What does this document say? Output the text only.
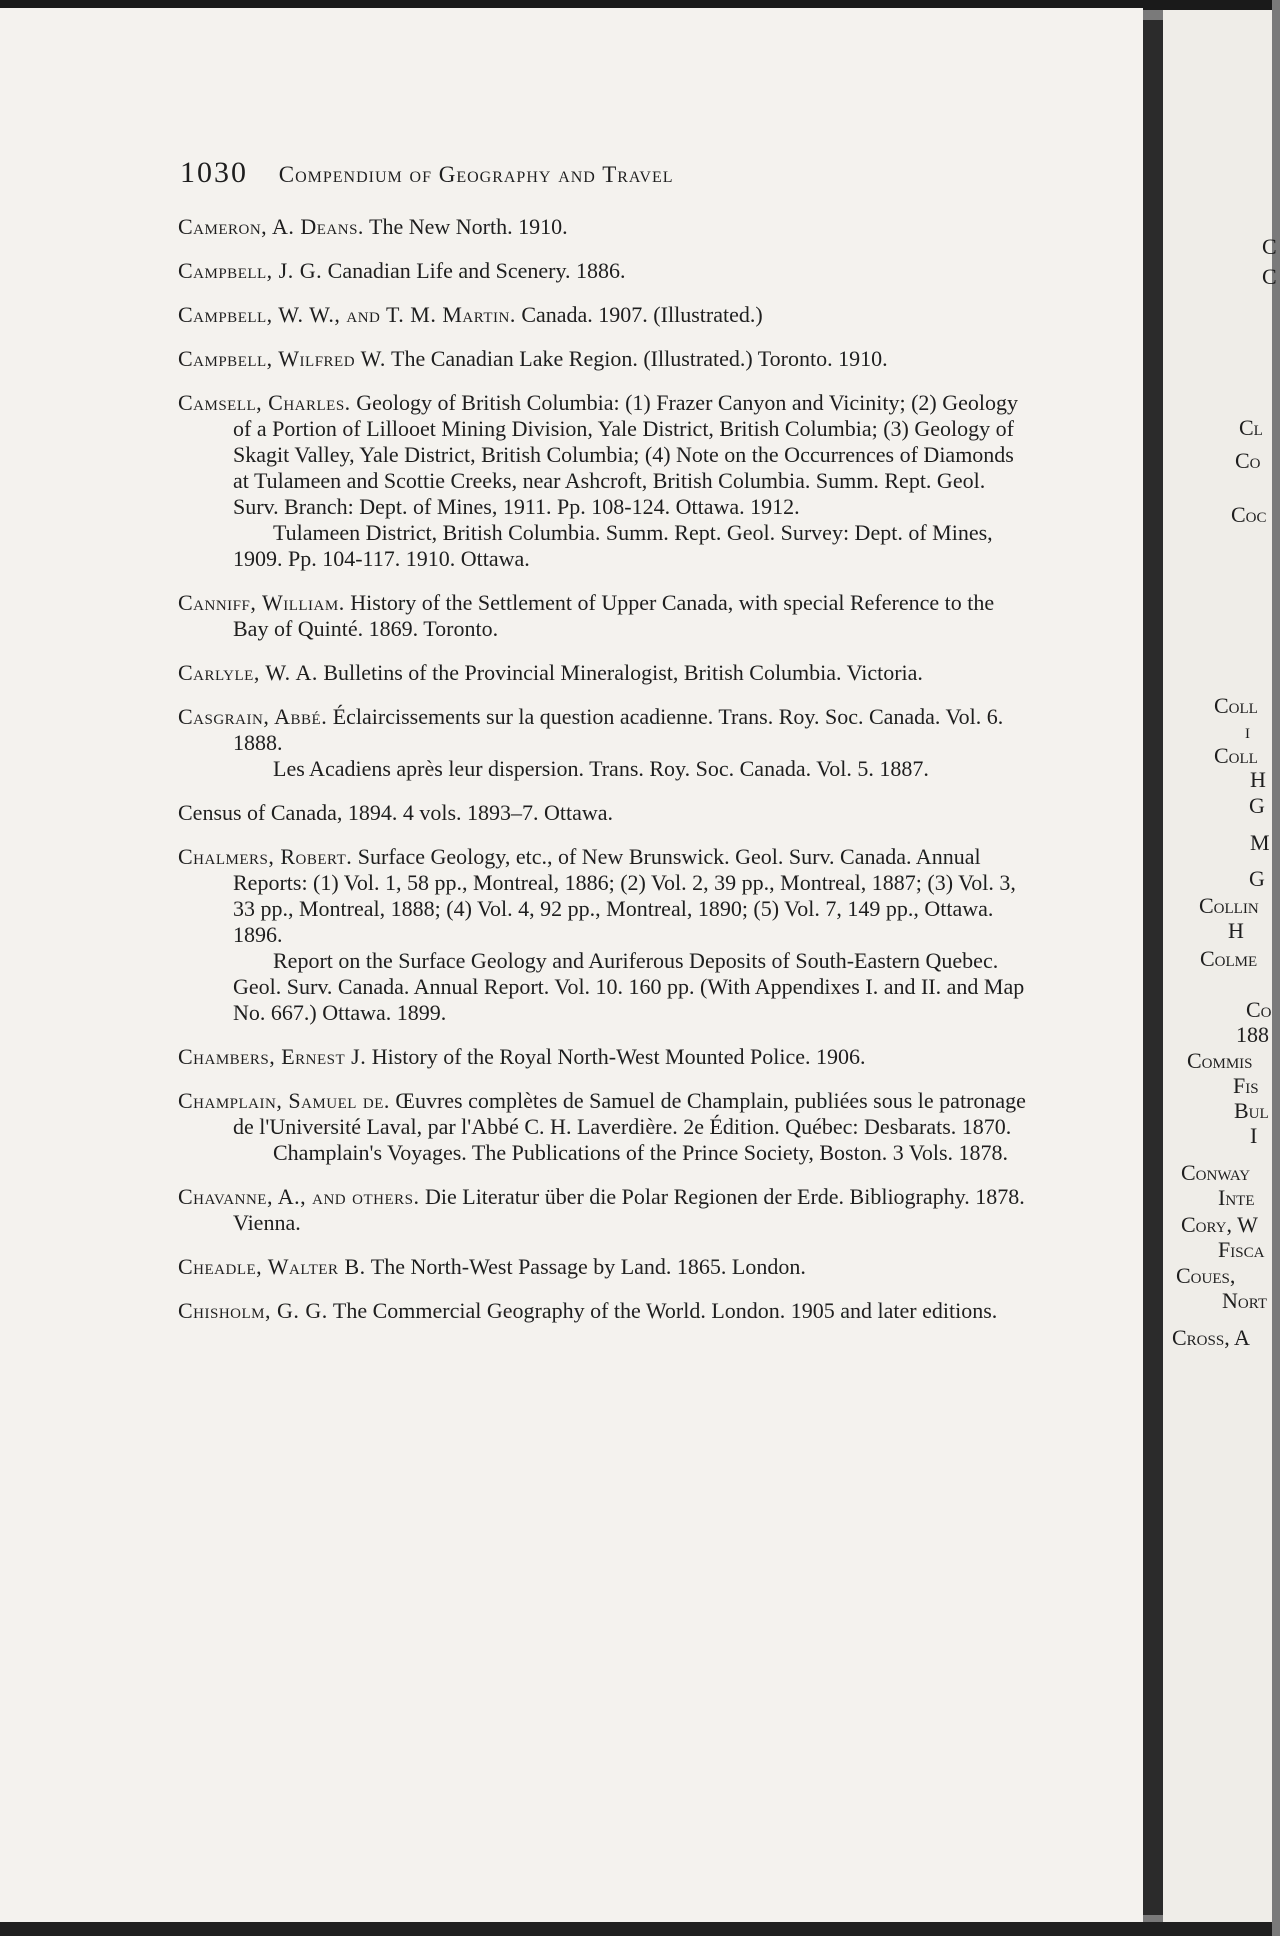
1030 Compendium of Geography and Travel
Cameron, A. Deans. The New North. 1910.
Campbell, J. G. Canadian Life and Scenery. 1886.
Campbell, W. W., and T. M. Martin. Canada. 1907. (Illustrated.)
Campbell, Wilfred W. The Canadian Lake Region. (Illustrated.) Toronto. 1910.
Camsell, Charles. Geology of British Columbia: (1) Frazer Canyon and Vicinity; (2) Geology of a Portion of Lillooet Mining Division, Yale District, British Columbia; (3) Geology of Skagit Valley, Yale District, British Columbia; (4) Note on the Occurrences of Diamonds at Tulameen and Scottie Creeks, near Ashcroft, British Columbia. Summ. Rept. Geol. Surv. Branch: Dept. of Mines, 1911. Pp. 108-124. Ottawa. 1912.
Tulameen District, British Columbia. Summ. Rept. Geol. Survey: Dept. of Mines, 1909. Pp. 104-117. 1910. Ottawa.
Canniff, William. History of the Settlement of Upper Canada, with special Reference to the Bay of Quinté. 1869. Toronto.
Carlyle, W. A. Bulletins of the Provincial Mineralogist, British Columbia. Victoria.
Casgrain, Abbé. Éclaircissements sur la question acadienne. Trans. Roy. Soc. Canada. Vol. 6. 1888.
Les Acadiens après leur dispersion. Trans. Roy. Soc. Canada. Vol. 5. 1887.
Census of Canada, 1894. 4 vols. 1893–7. Ottawa.
Chalmers, Robert. Surface Geology, etc., of New Brunswick. Geol. Surv. Canada. Annual Reports: (1) Vol. 1, 58 pp., Montreal, 1886; (2) Vol. 2, 39 pp., Montreal, 1887; (3) Vol. 3, 33 pp., Montreal, 1888; (4) Vol. 4, 92 pp., Montreal, 1890; (5) Vol. 7, 149 pp., Ottawa. 1896.
Report on the Surface Geology and Auriferous Deposits of South-Eastern Quebec. Geol. Surv. Canada. Annual Report. Vol. 10. 160 pp. (With Appendixes I. and II. and Map No. 667.) Ottawa. 1899.
Chambers, Ernest J. History of the Royal North-West Mounted Police. 1906.
Champlain, Samuel de. Œuvres complètes de Samuel de Champlain, publiées sous le patronage de l'Université Laval, par l'Abbé C. H. Laverdière. 2e Édition. Québec: Desbarats. 1870.
Champlain's Voyages. The Publications of the Prince Society, Boston. 3 Vols. 1878.
Chavanne, A., and others. Die Literatur über die Polar Regionen der Erde. Bibliography. 1878. Vienna.
Cheadle, Walter B. The North-West Passage by Land. 1865. London.
Chisholm, G. G. The Commercial Geography of the World. London. 1905 and later editions.
C
C
Cl
Co
Coc
Coll
i
Coll
H
G
M
G
Collin
H
Colme
Co
188
Commis
Fis
Bul
I
Conway
Inte
Cory, W
Fisca
Coues,
Nort
Cross, A
